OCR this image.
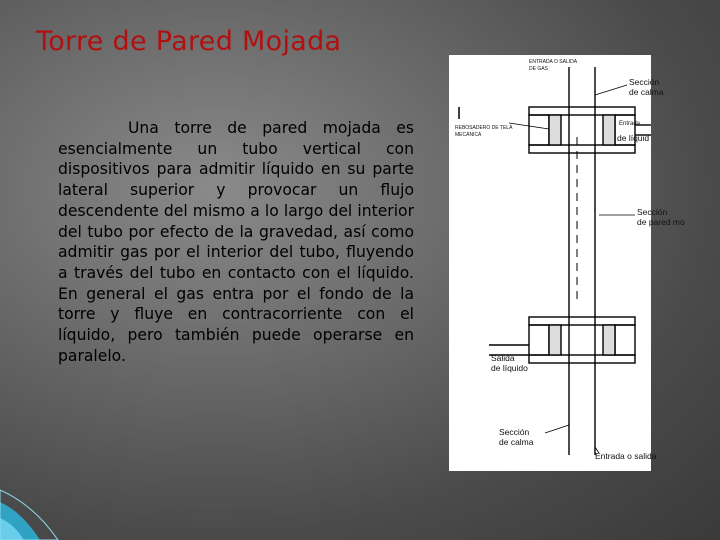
Torre de Pared Mojada

Una torre de pared mojada es esencialmente un tubo vertical con dispositivos para admitir líquido en su parte lateral superior y provocar un flujo descendente del mismo a lo largo del interior del tubo por efecto de la gravedad, así como admitir gas por el interior del tubo, fluyendo a través del tubo en contacto con el líquido. En general el gas entra por el fondo de la torre y fluye en contracorriente con el líquido, pero también puede operarse en paralelo.

ENTRADA O SALIDA
DE GAS
Sección
de calma
REBOSADERO DE TELA
MECÁNICA
Entrada
de líquid
Sección
de pared mo
Salida
de líquido
Sección
de calma
Entrada o salida
